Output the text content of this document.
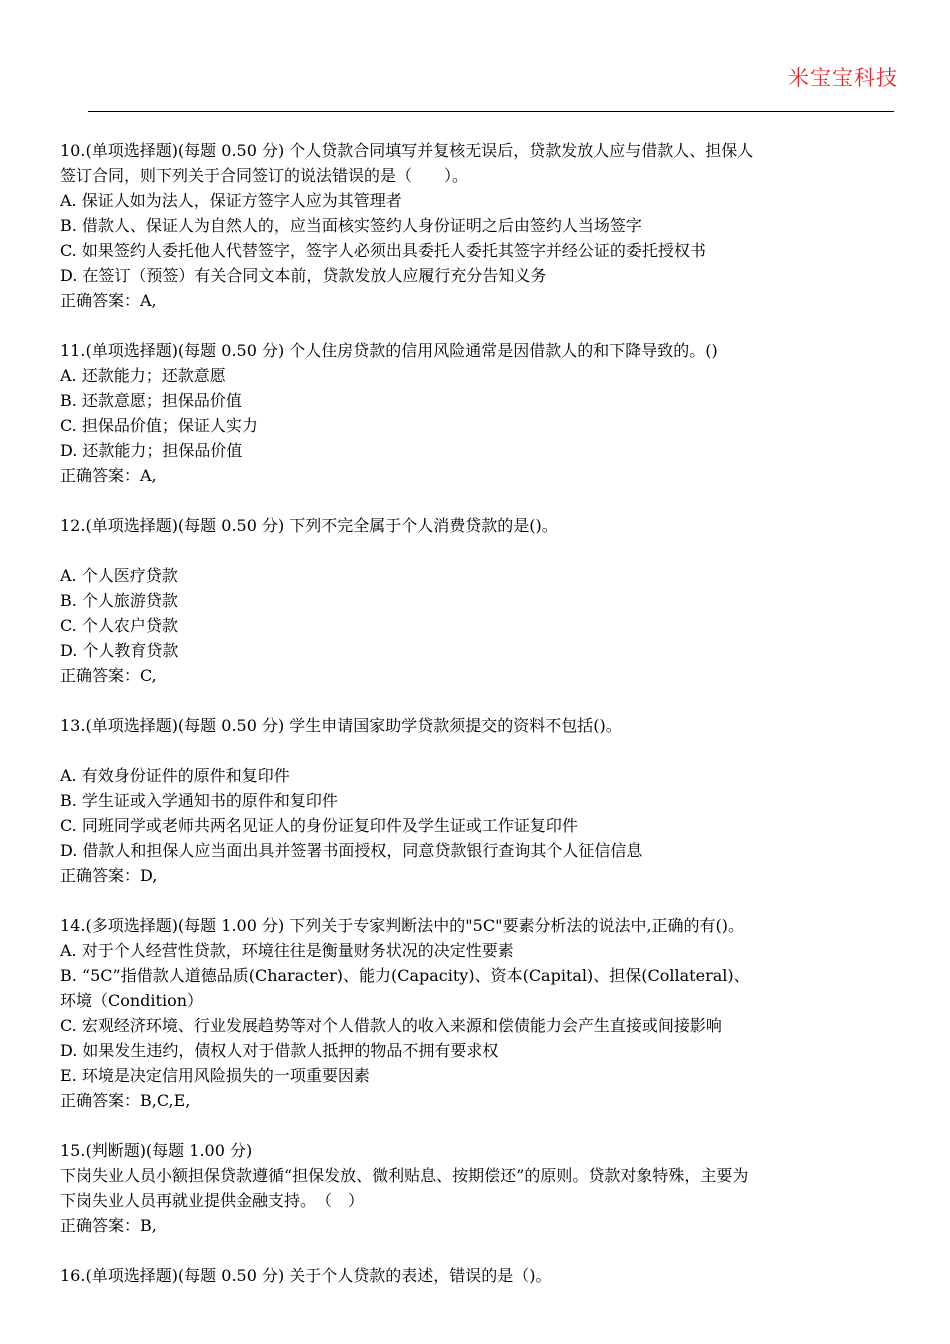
米宝宝科技
10.(单项选择题)(每题 0.50 分) 个人贷款合同填写并复核无误后，贷款发放人应与借款人、担保人
签订合同，则下列关于合同签订的说法错误的是（　　）。
A. 保证人如为法人，保证方签字人应为其管理者
B. 借款人、保证人为自然人的，应当面核实签约人身份证明之后由签约人当场签字
C. 如果签约人委托他人代替签字，签字人必须出具委托人委托其签字并经公证的委托授权书
D. 在签订（预签）有关合同文本前，贷款发放人应履行充分告知义务
正确答案：A,
11.(单项选择题)(每题 0.50 分) 个人住房贷款的信用风险通常是因借款人的和下降导致的。()
A. 还款能力；还款意愿
B. 还款意愿；担保品价值
C. 担保品价值；保证人实力
D. 还款能力；担保品价值
正确答案：A,
12.(单项选择题)(每题 0.50 分) 下列不完全属于个人消费贷款的是()。
A. 个人医疗贷款
B. 个人旅游贷款
C. 个人农户贷款
D. 个人教育贷款
正确答案：C,
13.(单项选择题)(每题 0.50 分) 学生申请国家助学贷款须提交的资料不包括()。
A. 有效身份证件的原件和复印件
B. 学生证或入学通知书的原件和复印件
C. 同班同学或老师共两名见证人的身份证复印件及学生证或工作证复印件
D. 借款人和担保人应当面出具并签署书面授权，同意贷款银行查询其个人征信信息
正确答案：D,
14.(多项选择题)(每题 1.00 分) 下列关于专家判断法中的"5C"要素分析法的说法中,正确的有()。
A. 对于个人经营性贷款，环境往往是衡量财务状况的决定性要素
B. “5C”指借款人道德品质(Character)、能力(Capacity)、资本(Capital)、担保(Collateral)、
环境（Condition）
C. 宏观经济环境、行业发展趋势等对个人借款人的收入来源和偿债能力会产生直接或间接影响
D. 如果发生违约，债权人对于借款人抵押的物品不拥有要求权
E. 环境是决定信用风险损失的一项重要因素
正确答案：B,C,E,
15.(判断题)(每题 1.00 分)
下岗失业人员小额担保贷款遵循“担保发放、微利贴息、按期偿还”的原则。贷款对象特殊，主要为
下岗失业人员再就业提供金融支持。　（　）
正确答案：B,
16.(单项选择题)(每题 0.50 分) 关于个人贷款的表述，错误的是（)。
